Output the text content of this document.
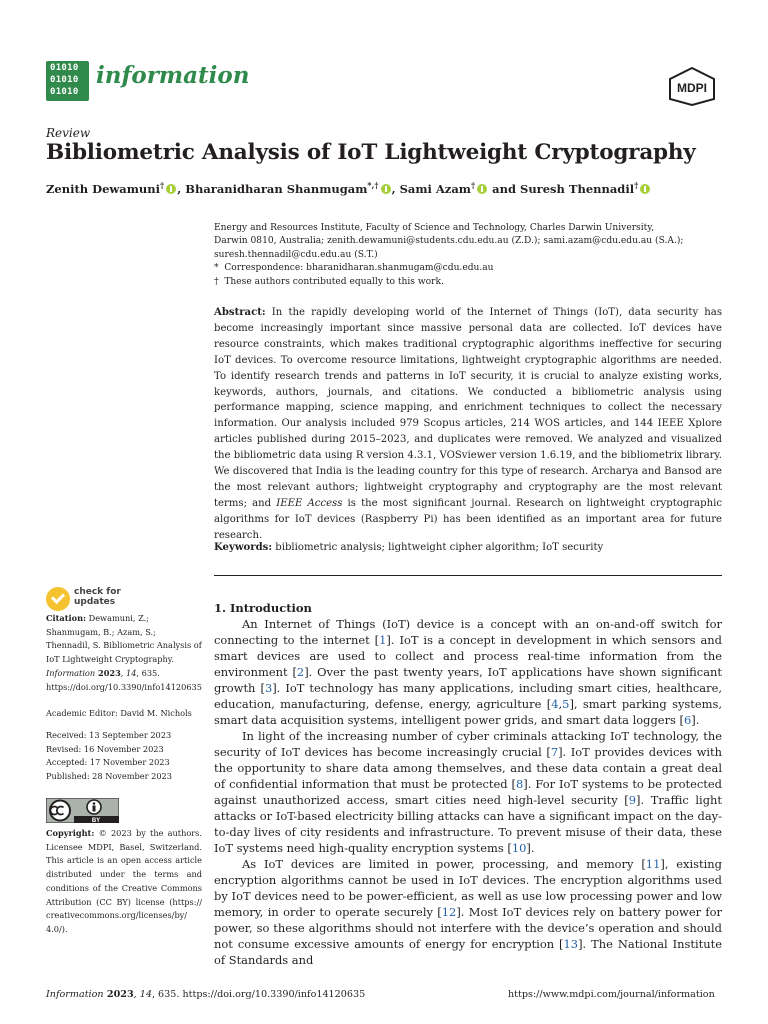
01010
01010
01010
information	MDPI
Review
Bibliometric Analysis of IoT Lightweight Cryptography
Zenith Dewamuni† , Bharanidharan Shanmugam*,† , Sami Azam† and Suresh Thennadil†
Energy and Resources Institute, Faculty of Science and Technology, Charles Darwin University,
Darwin 0810, Australia; zenith.dewamuni@students.cdu.edu.au (Z.D.); sami.azam@cdu.edu.au (S.A.);
suresh.thennadil@cdu.edu.au (S.T.)
* Correspondence: bharanidharan.shanmugam@cdu.edu.au
† These authors contributed equally to this work.
Abstract: In the rapidly developing world of the Internet of Things (IoT), data security has become increasingly important since massive personal data are collected. IoT devices have resource constraints, which makes traditional cryptographic algorithms ineffective for securing IoT devices. To overcome resource limitations, lightweight cryptographic algorithms are needed. To identify research trends and patterns in IoT security, it is crucial to analyze existing works, keywords, authors, journals, and citations. We conducted a bibliometric analysis using performance mapping, science mapping, and enrichment techniques to collect the necessary information. Our analysis included 979 Scopus articles, 214 WOS articles, and 144 IEEE Xplore articles published during 2015–2023, and duplicates were removed. We analyzed and visualized the bibliometric data using R version 4.3.1, VOSviewer version 1.6.19, and the bibliometrix library. We discovered that India is the leading country for this type of research. Archarya and Bansod are the most relevant authors; lightweight cryptography and cryptography are the most relevant terms; and IEEE Access is the most significant journal. Research on lightweight cryptographic algorithms for IoT devices (Raspberry Pi) has been identified as an important area for future research.
Keywords: bibliometric analysis; lightweight cipher algorithm; IoT security
check for
updates
Citation: Dewamuni, Z.; Shanmugam, B.; Azam, S.; Thennadil, S. Bibliometric Analysis of IoT Lightweight Cryptography. Information 2023, 14, 635. https://doi.org/10.3390/info14120635
Academic Editor: David M. Nichols
Received: 13 September 2023
Revised: 16 November 2023
Accepted: 17 November 2023
Published: 28 November 2023
BY
Copyright: © 2023 by the authors. Licensee MDPI, Basel, Switzerland. This article is an open access article distributed under the terms and conditions of the Creative Commons Attribution (CC BY) license (https:// creativecommons.org/licenses/by/ 4.0/).
1. Introduction

An Internet of Things (IoT) device is a concept with an on-and-off switch for connecting to the internet [1]. IoT is a concept in development in which sensors and smart devices are used to collect and process real-time information from the environment [2]. Over the past twenty years, IoT applications have shown significant growth [3]. IoT technology has many applications, including smart cities, healthcare, education, manufacturing, defense, energy, agriculture [4,5], smart parking systems, smart data acquisition systems, intelligent power grids, and smart data loggers [6].

In light of the increasing number of cyber criminals attacking IoT technology, the security of IoT devices has become increasingly crucial [7]. IoT provides devices with the opportunity to share data among themselves, and these data contain a great deal of confidential information that must be protected [8]. For IoT systems to be protected against unauthorized access, smart cities need high-level security [9]. Traffic light attacks or IoT-based electricity billing attacks can have a significant impact on the day-to-day lives of city residents and infrastructure. To prevent misuse of their data, these IoT systems need high-quality encryption systems [10].

As IoT devices are limited in power, processing, and memory [11], existing encryption algorithms cannot be used in IoT devices. The encryption algorithms used by IoT devices need to be power-efficient, as well as use low processing power and low memory, in order to operate securely [12]. Most IoT devices rely on battery power for power, so these algorithms should not interfere with the device’s operation and should not consume excessive amounts of energy for encryption [13]. The National Institute of Standards and

Information 2023, 14, 635. https://doi.org/10.3390/info14120635	https://www.mdpi.com/journal/information
